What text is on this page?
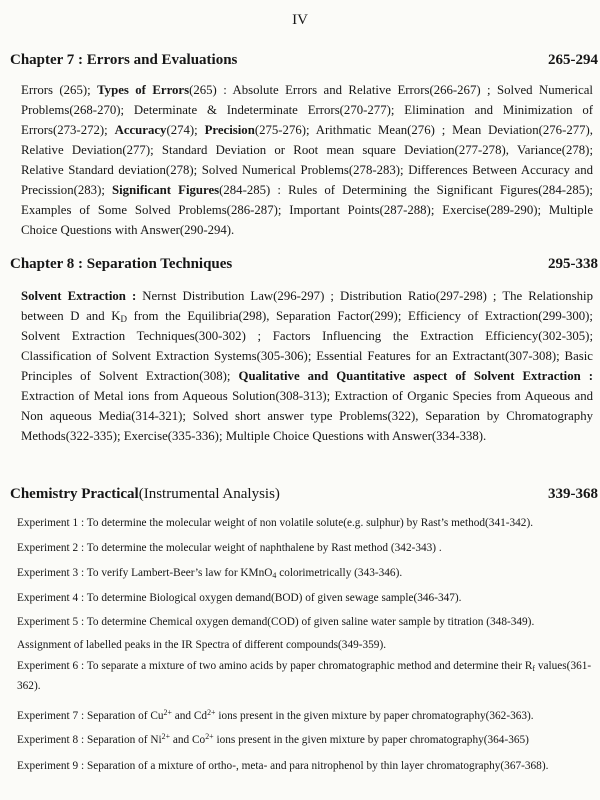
IV
Chapter 7 : Errors and Evaluations	265-294
Errors (265); Types of Errors(265) : Absolute Errors and Relative Errors(266-267) ; Solved Numerical Problems(268-270); Determinate & Indeterminate Errors(270-277); Elimination and Minimization of Errors(273-272); Accuracy(274); Precision(275-276); Arithmatic Mean(276) ; Mean Deviation(276-277), Relative Deviation(277); Standard Deviation or Root mean square Deviation(277-278), Variance(278); Relative Standard deviation(278); Solved Numerical Problems(278-283); Differences Between Accuracy and Precission(283); Significant Figures(284-285) : Rules of Determining the Significant Figures(284-285); Examples of Some Solved Problems(286-287); Important Points(287-288); Exercise(289-290); Multiple Choice Questions with Answer(290-294).
Chapter 8 : Separation Techniques	295-338
Solvent Extraction : Nernst Distribution Law(296-297) ; Distribution Ratio(297-298) ; The Relationship between D and $K_D$ from the Equilibria(298), Separation Factor(299); Efficiency of Extraction(299-300); Solvent Extraction Techniques(300-302) ; Factors Influencing the Extraction Efficiency(302-305); Classification of Solvent Extraction Systems(305-306); Essential Features for an Extractant(307-308); Basic Principles of Solvent Extraction(308); Qualitative and Quantitative aspect of Solvent Extraction : Extraction of Metal ions from Aqueous Solution(308-313); Extraction of Organic Species from Aqueous and Non aqueous Media(314-321); Solved short answer type Problems(322), Separation by Chromatography Methods(322-335); Exercise(335-336); Multiple Choice Questions with Answer(334-338).
Chemistry Practical(Instrumental Analysis)	339-368
Experiment 1 : To determine the molecular weight of non volatile solute(e.g. sulphur) by Rast’s method(341-342).
Experiment 2 : To determine the molecular weight of naphthalene by Rast method (342-343) .
Experiment 3 : To verify Lambert-Beer’s law for KMnO$_4$ colorimetrically (343-346).
Experiment 4 : To determine Biological oxygen demand(BOD) of given sewage sample(346-347).
Experiment 5 : To determine Chemical oxygen demand(COD) of given saline water sample by titration (348-349).
Assignment of labelled peaks in the IR Spectra of different compounds(349-359).
Experiment 6 : To separate a mixture of two amino acids by paper chromatographic method and determine their $R_f$ values(361-362).
Experiment 7 : Separation of $Cu^{2+}$ and $Cd^{2+}$ ions present in the given mixture by paper chromatography(362-363).
Experiment 8 : Separation of $Ni^{2+}$ and $Co^{2+}$ ions present in the given mixture by paper chromatography(364-365)
Experiment 9 : Separation of a mixture of ortho-, meta- and para nitrophenol by thin layer chromatography(367-368).
